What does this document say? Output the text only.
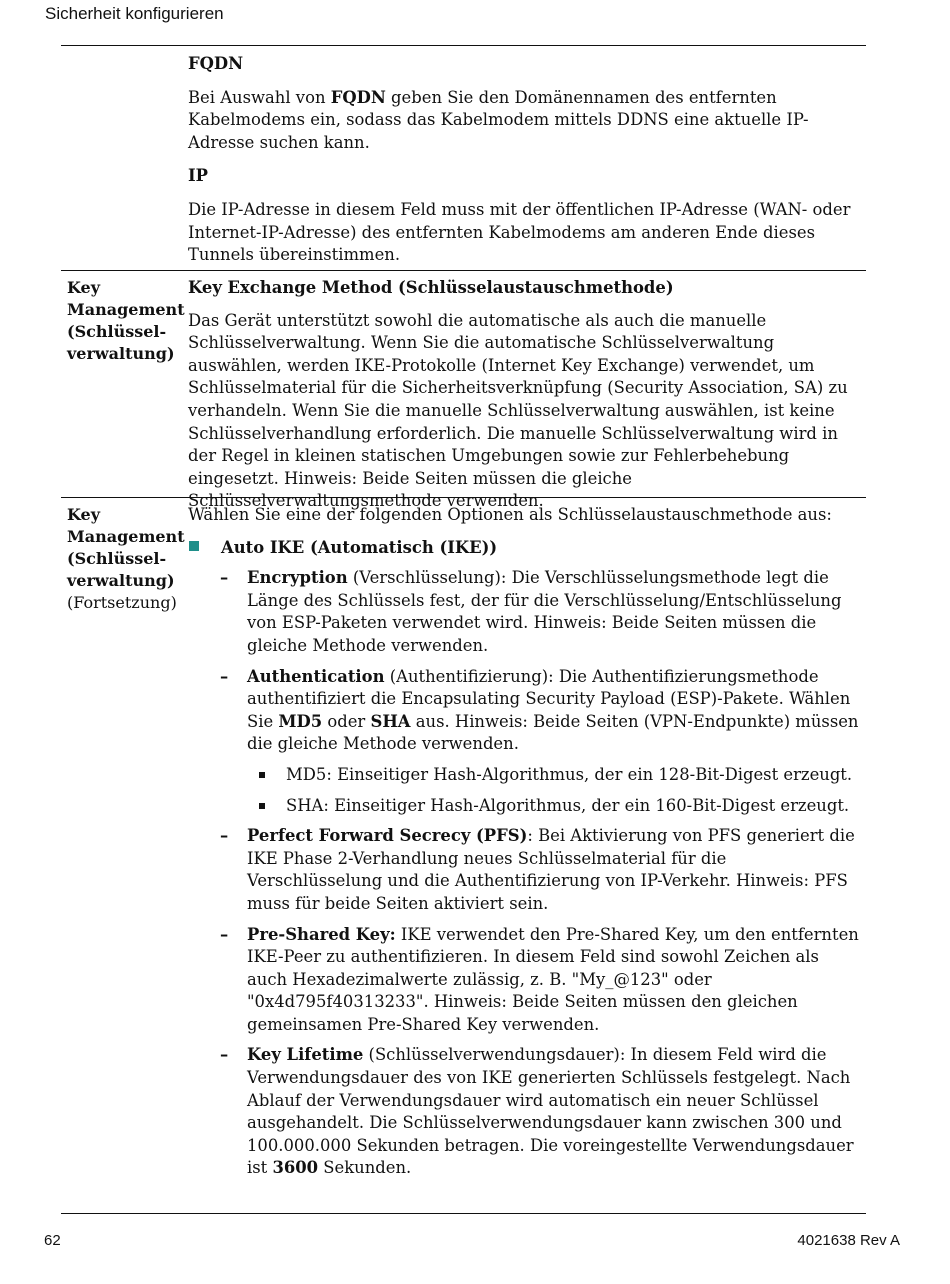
Sicherheit konfigurieren
FQDN

Bei Auswahl von FQDN geben Sie den Domänennamen des entfernten Kabelmodems ein, sodass das Kabelmodem mittels DDNS eine aktuelle IP-Adresse suchen kann.

IP

Die IP-Adresse in diesem Feld muss mit der öffentlichen IP-Adresse (WAN- oder Internet-IP-Adresse) des entfernten Kabelmodems am anderen Ende dieses Tunnels übereinstimmen.

Key
Management
(Schlüssel-
verwaltung)
Key Exchange Method (Schlüsselaustauschmethode)

Das Gerät unterstützt sowohl die automatische als auch die manuelle Schlüsselverwaltung. Wenn Sie die automatische Schlüsselverwaltung auswählen, werden IKE-Protokolle (Internet Key Exchange) verwendet, um Schlüsselmaterial für die Sicherheitsverknüpfung (Security Association, SA) zu verhandeln. Wenn Sie die manuelle Schlüsselverwaltung auswählen, ist keine Schlüsselverhandlung erforderlich. Die manuelle Schlüsselverwaltung wird in der Regel in kleinen statischen Umgebungen sowie zur Fehlerbehebung eingesetzt. Hinweis: Beide Seiten müssen die gleiche Schlüsselverwaltungsmethode verwenden.

Key
Management
(Schlüssel-
verwaltung)
(Fortsetzung)

Wählen Sie eine der folgenden Optionen als Schlüsselaustauschmethode aus:

Auto IKE (Automatisch (IKE))
– Encryption (Verschlüsselung): Die Verschlüsselungsmethode legt die Länge des Schlüssels fest, der für die Verschlüsselung/Entschlüsselung von ESP-Paketen verwendet wird. Hinweis: Beide Seiten müssen die gleiche Methode verwenden.

– Authentication (Authentifizierung): Die Authentifizierungsmethode authentifiziert die Encapsulating Security Payload (ESP)-Pakete. Wählen Sie MD5 oder SHA aus. Hinweis: Beide Seiten (VPN-Endpunkte) müssen die gleiche Methode verwenden.

MD5: Einseitiger Hash-Algorithmus, der ein 128-Bit-Digest erzeugt.

SHA: Einseitiger Hash-Algorithmus, der ein 160-Bit-Digest erzeugt.

– Perfect Forward Secrecy (PFS): Bei Aktivierung von PFS generiert die IKE Phase 2-Verhandlung neues Schlüsselmaterial für die Verschlüsselung und die Authentifizierung von IP-Verkehr. Hinweis: PFS muss für beide Seiten aktiviert sein.

– Pre-Shared Key: IKE verwendet den Pre-Shared Key, um den entfernten IKE-Peer zu authentifizieren. In diesem Feld sind sowohl Zeichen als auch Hexadezimalwerte zulässig, z. B. "My_@123" oder "0x4d795f40313233". Hinweis: Beide Seiten müssen den gleichen gemeinsamen Pre-Shared Key verwenden.

– Key Lifetime (Schlüsselverwendungsdauer): In diesem Feld wird die Verwendungsdauer des von IKE generierten Schlüssels festgelegt. Nach Ablauf der Verwendungsdauer wird automatisch ein neuer Schlüssel ausgehandelt. Die Schlüsselverwendungsdauer kann zwischen 300 und 100.000.000 Sekunden betragen. Die voreingestellte Verwendungsdauer ist 3600 Sekunden.

62	4021638 Rev A
